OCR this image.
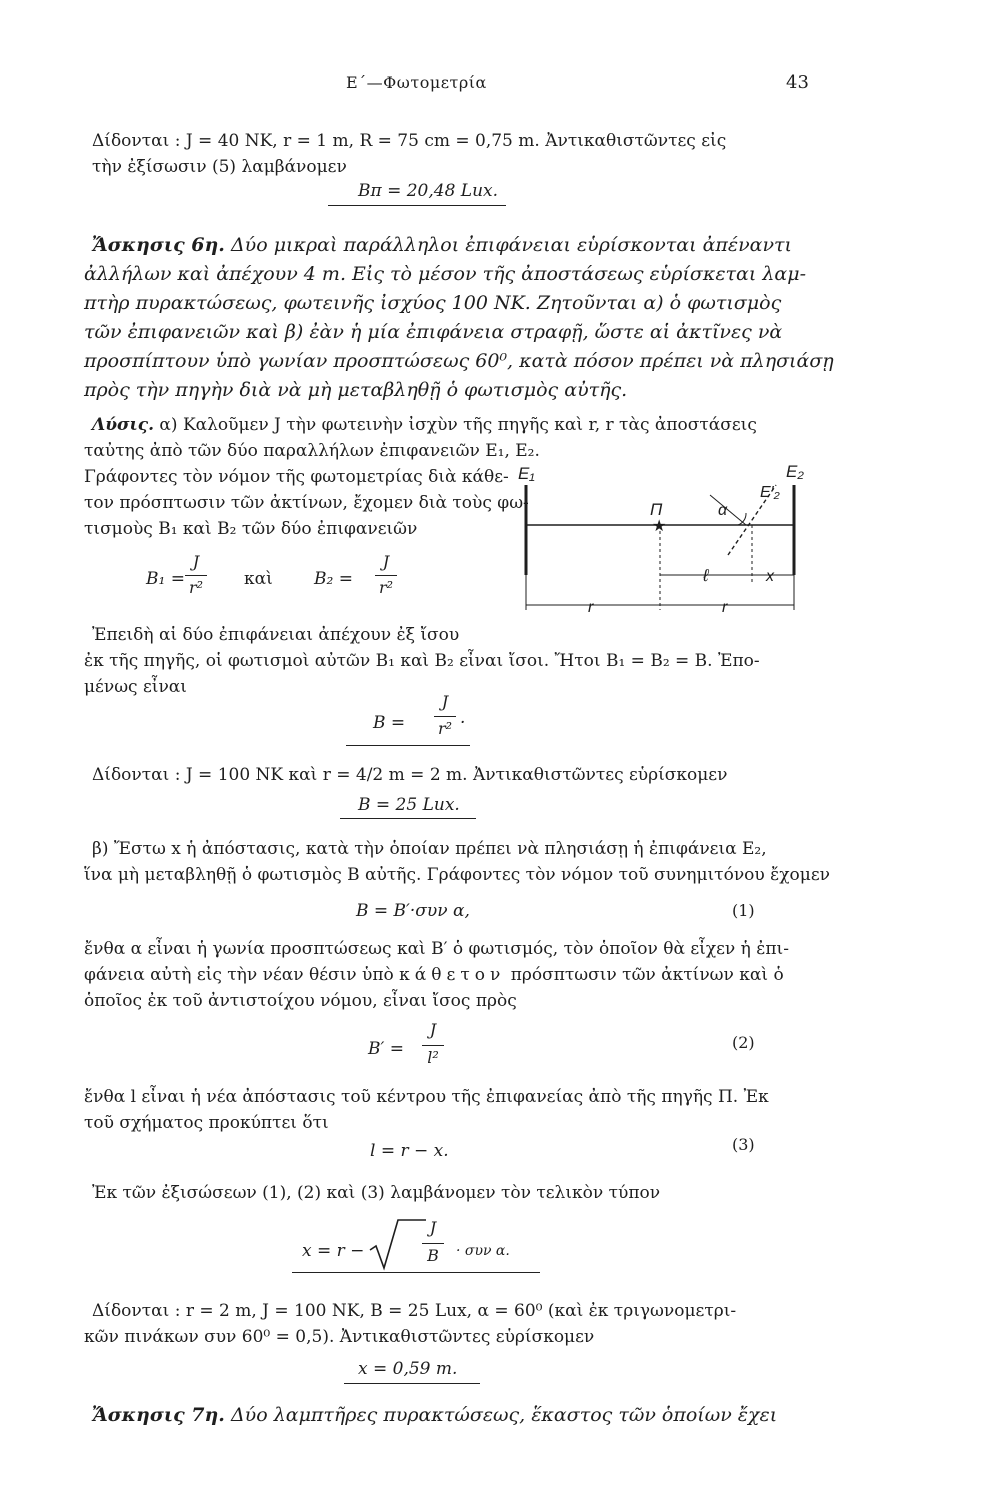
Ε΄—Φωτομετρία	43
Δίδονται : J = 40 NK, r = 1 m, R = 75 cm = 0,75 m. Ἀντικαθιστῶντες εἰς
τὴν ἐξίσωσιν (5) λαμβάνομεν
Bπ = 20,48 Lux.
Ἄσκησις 6η. Δύο μικραὶ παράλληλοι ἐπιφάνειαι εὑρίσκονται ἀπέναντι
ἀλλήλων καὶ ἀπέχουν 4 m. Εἰς τὸ μέσον τῆς ἀποστάσεως εὑρίσκεται λαμ-
πτὴρ πυρακτώσεως, φωτεινῆς ἰσχύος 100 NK. Ζητοῦνται α) ὁ φωτισμὸς
τῶν ἐπιφανειῶν καὶ β) ἐὰν ἡ μία ἐπιφάνεια στραφῇ, ὥστε αἱ ἀκτῖνες νὰ
προσπίπτουν ὑπὸ γωνίαν προσπτώσεως 60⁰, κατὰ πόσον πρέπει νὰ πλησιάσῃ
πρὸς τὴν πηγὴν διὰ νὰ μὴ μεταβληθῇ ὁ φωτισμὸς αὐτῆς.
Λύσις. α) Καλοῦμεν J τὴν φωτεινὴν ἰσχὺν τῆς πηγῆς καὶ r, r τὰς ἀποστάσεις
ταὐτης ἀπὸ τῶν δύο παραλλήλων ἐπιφανειῶν E₁, E₂.
Γράφοντες τὸν νόμον τῆς φωτομετρίας διὰ κάθε-
τον πρόσπτωσιν τῶν ἀκτίνων, ἔχομεν διὰ τοὺς φω-
τισμοὺς B₁ καὶ B₂ τῶν δύο ἐπιφανειῶν
B₁ =
J
r²	καὶ B₂ =
J
r²
★
E₁	E₂
E′₂
Π	α
ℓ	x
r	r
Ἐπειδὴ αἱ δύο ἐπιφάνειαι ἀπέχουν ἐξ ἴσου
ἐκ τῆς πηγῆς, οἱ φωτισμοὶ αὐτῶν B₁ καὶ B₂ εἶναι ἴσοι. Ἤτοι B₁ = B₂ = B. Ἐπο-
μένως εἶναι
B =
J
r² ·
Δίδονται : J = 100 NK καὶ r = 4/2 m = 2 m. Ἀντικαθιστῶντες εὑρίσκομεν
B = 25 Lux.
β) Ἔστω x ἡ ἀπόστασις, κατὰ τὴν ὁποίαν πρέπει νὰ πλησιάσῃ ἡ ἐπιφάνεια E₂,
ἵνα μὴ μεταβληθῇ ὁ φωτισμὸς B αὐτῆς. Γράφοντες τὸν νόμον τοῦ συνημιτόνου ἔχομεν
B = B′·συν α,	(1)
ἔνθα α εἶναι ἡ γωνία προσπτώσεως καὶ B′ ὁ φωτισμός, τὸν ὁποῖον θὰ εἶχεν ἡ ἐπι-
φάνεια αὐτὴ εἰς τὴν νέαν θέσιν ὑπὸ κάθετον πρόσπτωσιν τῶν ἀκτίνων καὶ ὁ
ὁποῖος ἐκ τοῦ ἀντιστοίχου νόμου, εἶναι ἴσος πρὸς
B′ =
J
l²
(2)
ἔνθα l εἶναι ἡ νέα ἀπόστασις τοῦ κέντρου τῆς ἐπιφανείας ἀπὸ τῆς πηγῆς Π. Ἐκ
τοῦ σχήματος προκύπτει ὅτι
l = r − x.	(3)
Ἐκ τῶν ἐξισώσεων (1), (2) καὶ (3) λαμβάνομεν τὸν τελικὸν τύπον
x = r −
J
B	· συν α.
Δίδονται : r = 2 m, J = 100 NK, B = 25 Lux, α = 60⁰ (καὶ ἐκ τριγωνομετρι-
κῶν πινάκων συν 60⁰ = 0,5). Ἀντικαθιστῶντες εὑρίσκομεν
x = 0,59 m.
Ἄσκησις 7η. Δύο λαμπτῆρες πυρακτώσεως, ἕκαστος τῶν ὁποίων ἔχει
